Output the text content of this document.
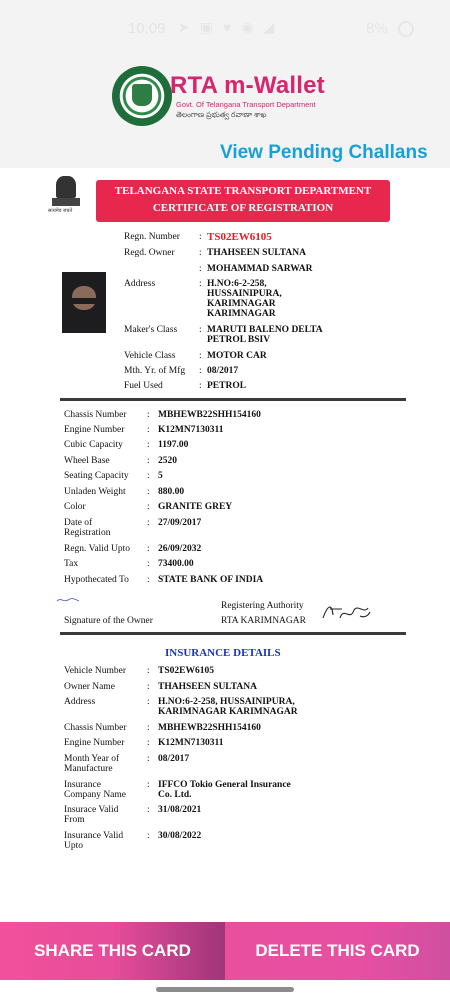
10:09 ➤ ▣ ♥ ◉ ◢	8%
RTA m-Wallet
Govt. Of Telangana Transport Department
తెలంగాణ ప్రభుత్వ రవాణా శాఖ
View Pending Challans
सत्यमेव जयते
TELANGANA STATE TRANSPORT DEPARTMENT
CERTIFICATE OF REGISTRATION
Regn. Number : TS02EW6105
Regd. Owner	: THAHSEEN SULTANA
: MOHAMMAD SARWAR
Address	: H.NO:6-2-258,
HUSSAINIPURA,
KARIMNAGAR
KARIMNAGAR
Maker's Class : MARUTI BALENO DELTA
PETROL BSIV
Vehicle Class : MOTOR CAR
Mth. Yr. of Mfg : 08/2017
Fuel Used	: PETROL
Chassis Number : MBHEWB22SHH154160
Engine Number : K12MN7130311
Cubic Capacity	: 1197.00
Wheel Base	: 2520
Seating Capacity : 5
Unladen Weight : 880.00
Color	: GRANITE GREY
Date of
Registration
: 27/09/2017
Regn. Valid Upto : 26/09/2032
Tax	: 73400.00
Hypothecated To : STATE BANK OF INDIA
Signature of the Owner
Registering Authority
RTA KARIMNAGAR
INSURANCE DETAILS
Vehicle Number : TS02EW6105
Owner Name	: THAHSEEN SULTANA
Address	: H.NO:6-2-258, HUSSAINIPURA,
KARIMNAGAR KARIMNAGAR
Chassis Number : MBHEWB22SHH154160
Engine Number : K12MN7130311
Month Year of
Manufacture
: 08/2017
Insurance
Company Name
: IFFCO Tokio General Insurance
Co. Ltd.
Insurace Valid
From
: 31/08/2021
Insurance Valid
Upto
: 30/08/2022
SHARE THIS CARD	DELETE THIS CARD
